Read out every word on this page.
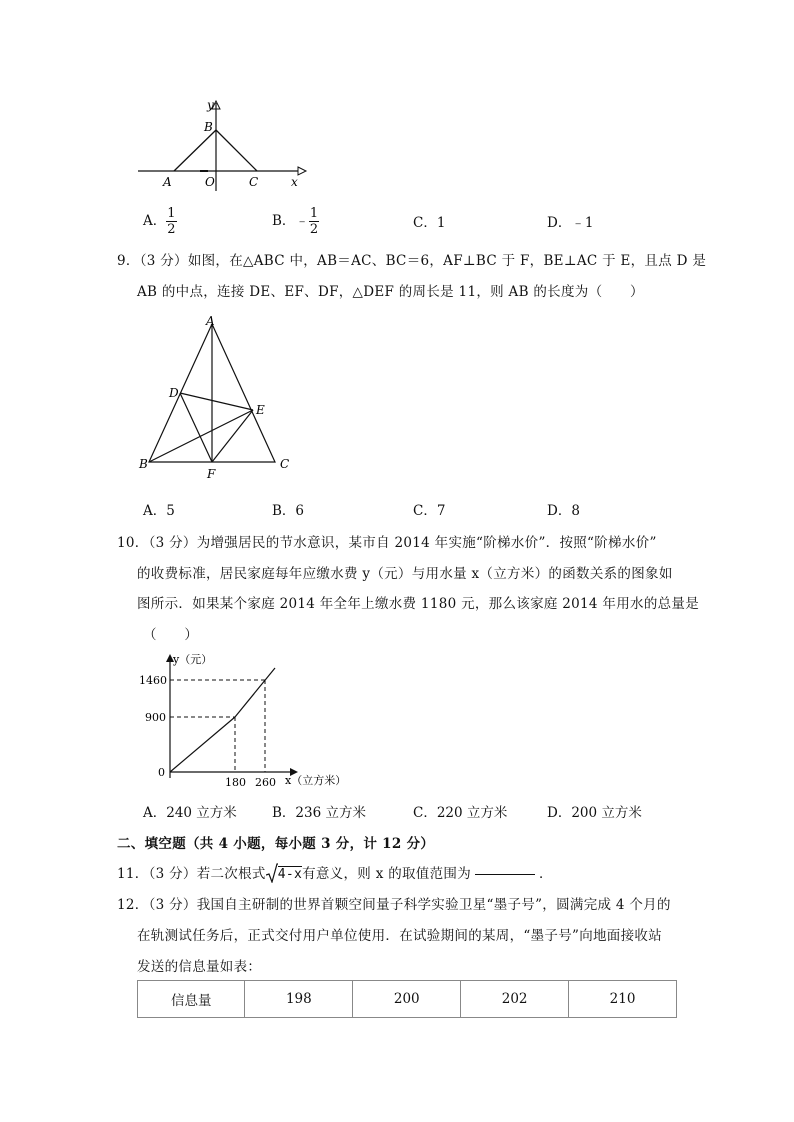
y
B
A	O	C	x
A． $\frac{1}{2}$	B．﹣ $\frac{1}{2}$	C．1	D．﹣1
9．（3 分）如图，在△ABC 中，AB＝AC、BC＝6，AF⊥BC 于 F，BE⊥AC 于 E，且点 D 是
AB 的中点，连接 DE、EF、DF，△DEF 的周长是 11，则 AB 的长度为（　　）
A
D
E
B
F
C
A．5	B．6	C．7	D．8
10．（3 分）为增强居民的节水意识，某市自 2014 年实施“阶梯水价”．按照“阶梯水价”
的收费标准，居民家庭每年应缴水费 y（元）与用水量 x（立方米）的函数关系的图象如
图所示．如果某个家庭 2014 年全年上缴水费 1180 元，那么该家庭 2014 年用水的总量是
（　　）
y（元）
1460
900
0
180 260 x（立方米）
A．240 立方米	B．236 立方米	C．220 立方米	D．200 立方米
二、填空题（共 4 小题，每小题 3 分，计 12 分）
11．（3 分）若二次根式 4-x有意义，则 x 的取值范围为	．
12．（3 分）我国自主研制的世界首颗空间量子科学实验卫星“墨子号”，圆满完成 4 个月的
在轨测试任务后，正式交付用户单位使用．在试验期间的某周，“墨子号”向地面接收站
发送的信息量如表：
信息量	198	200	202	210
